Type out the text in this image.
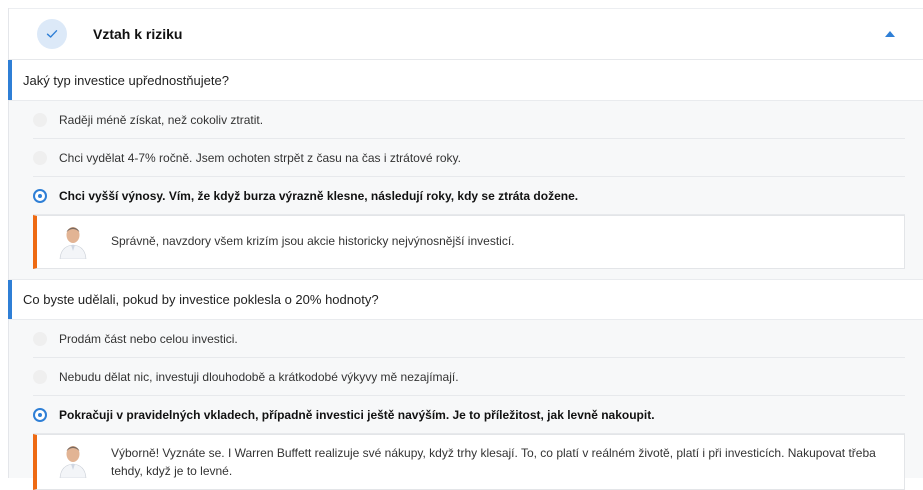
Vztah k riziku
Jaký typ investice upřednostňujete?
Raději méně získat, než cokoliv ztratit.
Chci vydělat 4-7% ročně. Jsem ochoten strpět z času na čas i ztrátové roky.
Chci vyšší výnosy. Vím, že když burza výrazně klesne, následují roky, kdy se ztráta dožene.
Správně, navzdory všem krizím jsou akcie historicky nejvýnosnější investicí.
Co byste udělali, pokud by investice poklesla o 20% hodnoty?
Prodám část nebo celou investici.
Nebudu dělat nic, investuji dlouhodobě a krátkodobé výkyvy mě nezajímají.
Pokračuji v pravidelných vkladech, případně investici ještě navýším. Je to příležitost, jak levně nakoupit.
Výborně! Vyznáte se. I Warren Buffett realizuje své nákupy, když trhy klesají. To, co platí v reálném životě, platí i při investicích. Nakupovat třeba tehdy, když je to levné.
